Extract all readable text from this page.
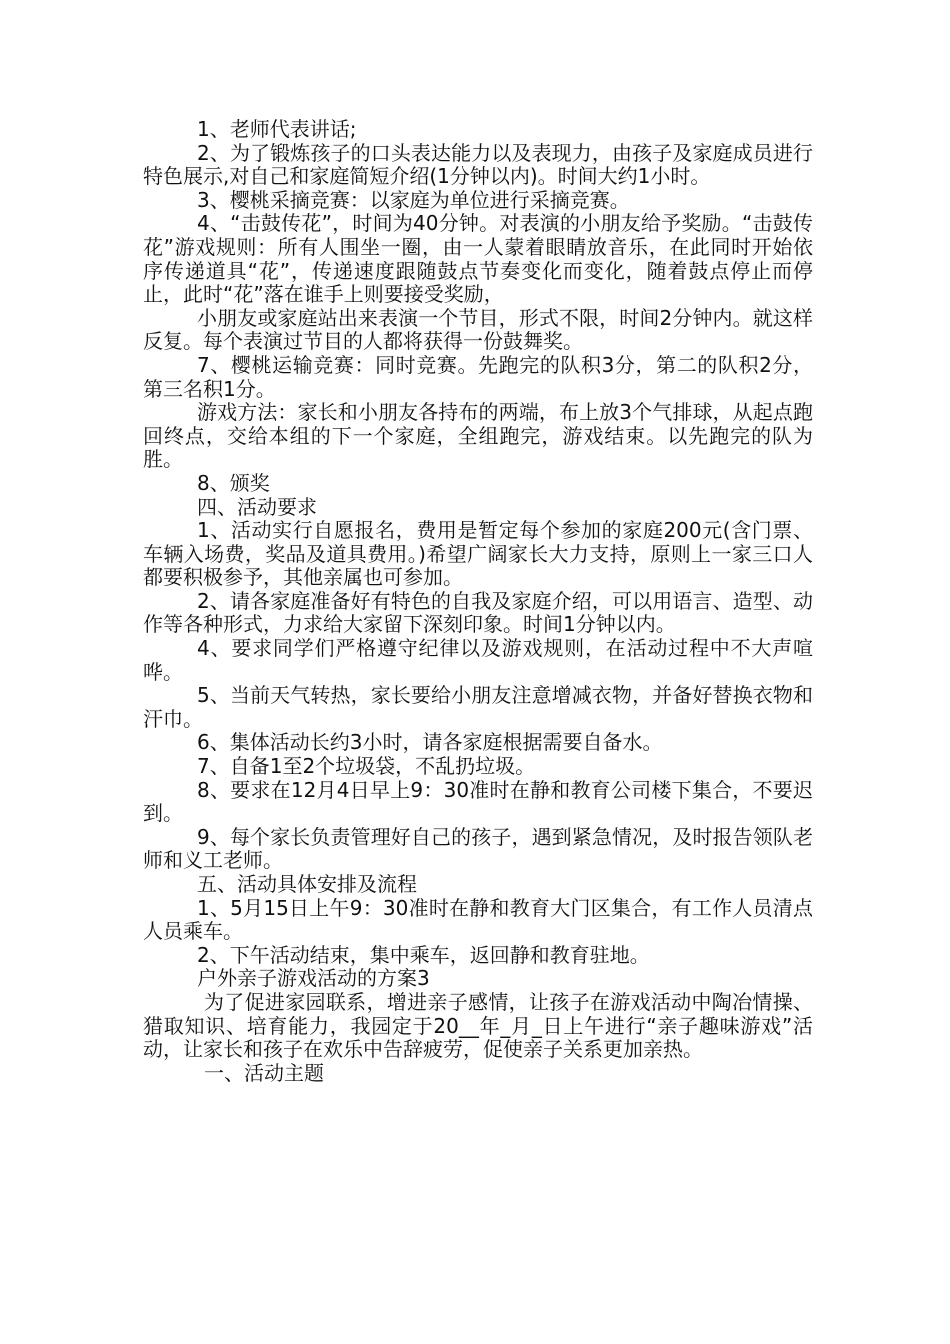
1、老师代表讲话;

2、为了锻炼孩子的口头表达能力以及表现力，由孩子及家庭成员进行特色展示,对自己和家庭简短介绍(1分钟以内)。时间大约1小时。

3、樱桃采摘竞赛：以家庭为单位进行采摘竞赛。

4、“击鼓传花”，时间为40分钟。对表演的小朋友给予奖励。“击鼓传花”游戏规则：所有人围坐一圈，由一人蒙着眼睛放音乐，在此同时开始依序传递道具“花”，传递速度跟随鼓点节奏变化而变化，随着鼓点停止而停止，此时“花”落在谁手上则要接受奖励，

小朋友或家庭站出来表演一个节目，形式不限，时间2分钟内。就这样反复。每个表演过节目的人都将获得一份鼓舞奖。

7、樱桃运输竞赛：同时竞赛。先跑完的队积3分，第二的队积2分，第三名积1分。

游戏方法：家长和小朋友各持布的两端，布上放3个气排球，从起点跑回终点，交给本组的下一个家庭，全组跑完，游戏结束。以先跑完的队为胜。

8、颁奖

四、活动要求

1、活动实行自愿报名，费用是暂定每个参加的家庭200元(含门票、车辆入场费，奖品及道具费用。)希望广阔家长大力支持，原则上一家三口人都要积极参予，其他亲属也可参加。

2、请各家庭准备好有特色的自我及家庭介绍，可以用语言、造型、动作等各种形式，力求给大家留下深刻印象。时间1分钟以内。

4、要求同学们严格遵守纪律以及游戏规则，在活动过程中不大声喧哗。

5、当前天气转热，家长要给小朋友注意增减衣物，并备好替换衣物和汗巾。

6、集体活动长约3小时，请各家庭根据需要自备水。

7、自备1至2个垃圾袋，不乱扔垃圾。

8、要求在12月4日早上9：30准时在静和教育公司楼下集合，不要迟到。

9、每个家长负责管理好自己的孩子，遇到紧急情况，及时报告领队老师和义工老师。

五、活动具体安排及流程

1、5月15日上午9：30准时在静和教育大门区集合，有工作人员清点人员乘车。

2、下午活动结束，集中乘车，返回静和教育驻地。

户外亲子游戏活动的方案3

为了促进家园联系，增进亲子感情，让孩子在游戏活动中陶冶情操、猎取知识、培育能力，我园定于20__年_月_日上午进行“亲子趣味游戏”活动，让家长和孩子在欢乐中告辞疲劳，促使亲子关系更加亲热。

一、活动主题
